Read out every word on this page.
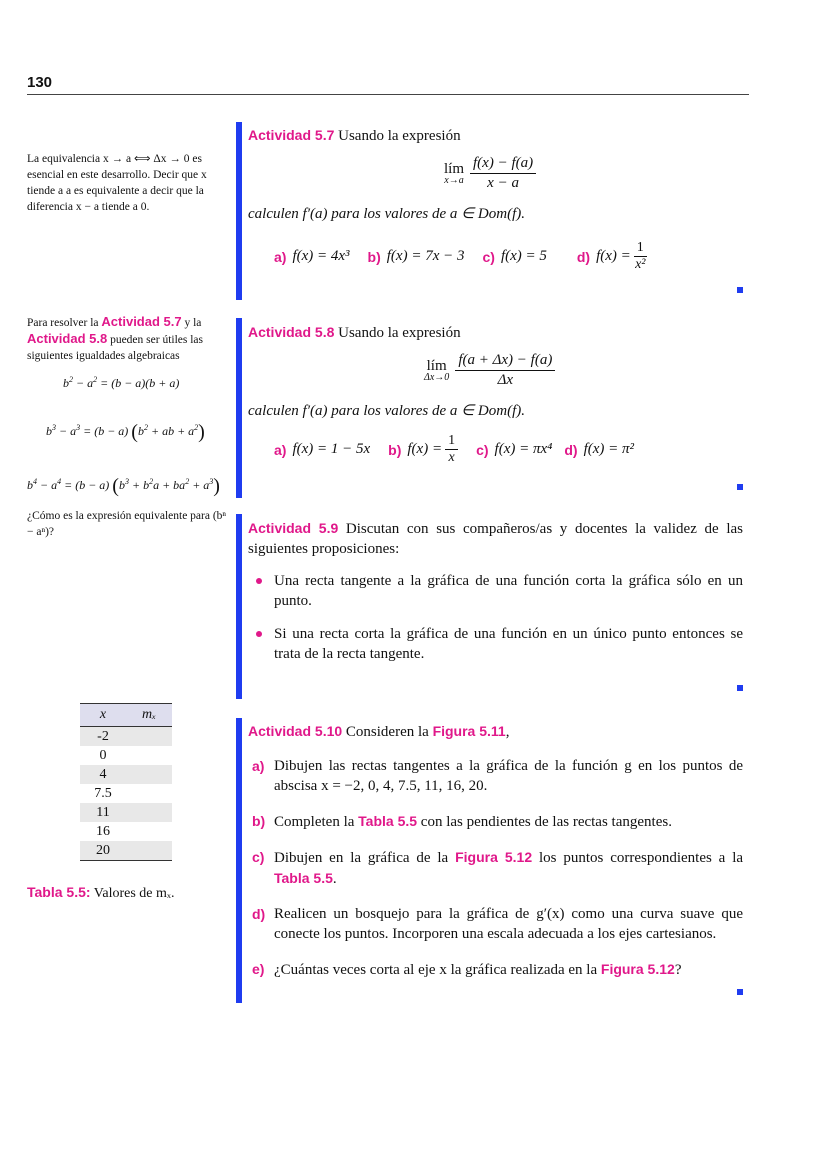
130
La equivalencia x → a ⟺ Δx → 0 es esencial en este desarrollo. Decir que x tiende a a es equivalente a decir que la diferencia x − a tiende a 0.
Actividad 5.7 Usando la expresión
lím
$x\to a \frac{f(x) - f(a)}{x - a}$
calculen f′(a) para los valores de a ∈ Dom(f).
a) f(x) = 4x³ b) f(x) = 7x − 3 c) f(x) = 5 d) $f(x) = \frac{1}{\text{x²}}$
Para resolver la Actividad 5.7 y la Actividad 5.8 pueden ser útiles las siguientes igualdades algebraicas
$b^2 - a^2 = (b - a)(b + a)$
$b^3 - a^3 = (b - a) (b^2$ + ab + $a^2$)
$b^4 - a^4 = (b - a) (b^3 + b^2a + ba^2 + a^3)$
¿Cómo es la expresión equivalente para (bⁿ − aⁿ)?
Actividad 5.8 Usando la expresión
lím
$\Delta x\to 0 \frac{f(a + \Delta x) - f(a)}{\Delta x}$
calculen f′(a) para los valores de a ∈ Dom(f).
a) f(x) = 1 − 5x b) $f(x) = \frac{1}{x} c$) f(x) = πx⁴ d) f(x) = π²
Actividad 5.9 Discutan con sus compañeros/as y docentes la validez de las siguientes proposiciones:
Una recta tangente a la gráfica de una función corta la gráfica sólo en un punto.
Si una recta corta la gráfica de una función en un único punto entonces se trata de la recta tangente.
x	mₓ
-2	
0	
4	
7.5	
11	
16	
20	
Tabla 5.5: Valores de mₓ.
Actividad 5.10 Consideren la Figura 5.11,
a) Dibujen las rectas tangentes a la gráfica de la función g en los puntos de abscisa x = −2, 0, 4, 7.5, 11, 16, 20.
b) Completen la Tabla 5.5 con las pendientes de las rectas tangentes.
c) Dibujen en la gráfica de la Figura 5.12 los puntos correspondientes a la Tabla 5.5.
d) Realicen un bosquejo para la gráfica de g′(x) como una curva suave que conecte los puntos. Incorporen una escala adecuada a los ejes cartesianos.
e) ¿Cuántas veces corta al eje x la gráfica realizada en la Figura 5.12?
